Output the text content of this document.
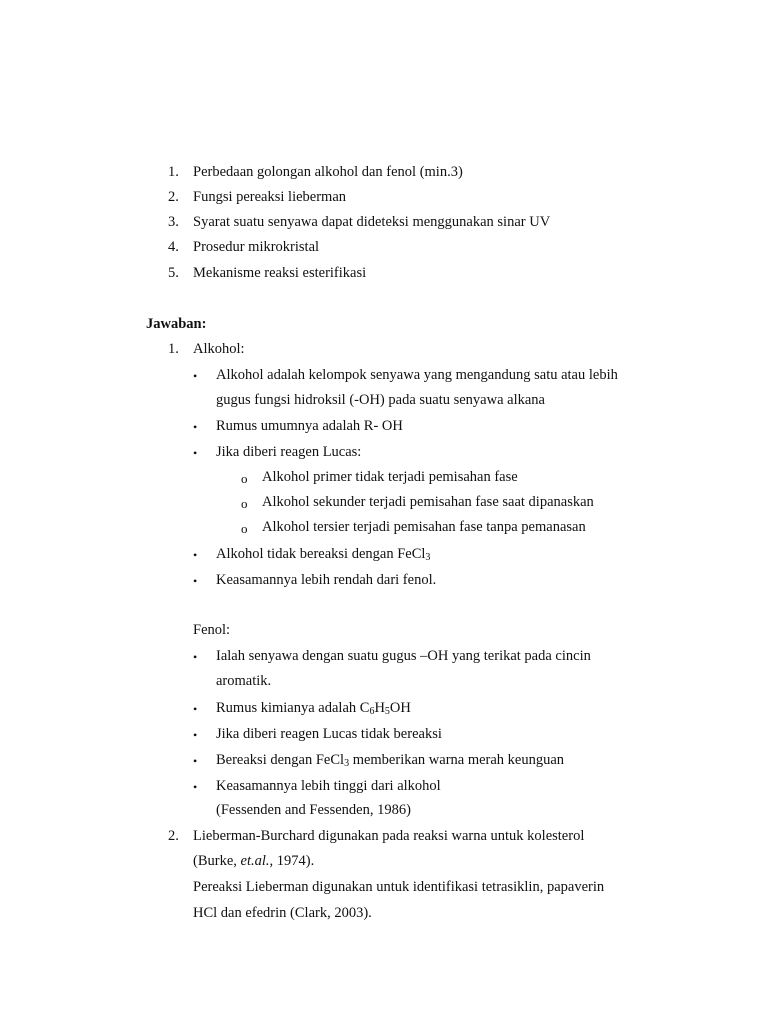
1. Perbedaan golongan alkohol dan fenol (min.3)
2. Fungsi pereaksi lieberman
3. Syarat suatu senyawa dapat dideteksi menggunakan sinar UV
4. Prosedur mikrokristal
5. Mekanisme reaksi esterifikasi
Jawaban:
1. Alkohol:
• Alkohol adalah kelompok senyawa yang mengandung satu atau lebih
gugus fungsi hidroksil (-OH) pada suatu senyawa alkana
• Rumus umumnya adalah R- OH
• Jika diberi reagen Lucas:
o Alkohol primer tidak terjadi pemisahan fase
o Alkohol sekunder terjadi pemisahan fase saat dipanaskan
o Alkohol tersier terjadi pemisahan fase tanpa pemanasan
• Alkohol tidak bereaksi dengan FeCl$_3$
• Keasamannya lebih rendah dari fenol.
Fenol:
• Ialah senyawa dengan suatu gugus –OH yang terikat pada cincin
aromatik.
• Rumus kimianya adalah $C_6H_5OH$
• Jika diberi reagen Lucas tidak bereaksi
• Bereaksi dengan FeCl$_3$ memberikan warna merah keunguan
• Keasamannya lebih tinggi dari alkohol
(Fessenden and Fessenden, 1986)
2. Lieberman-Burchard digunakan pada reaksi warna untuk kolesterol
(Burke, et.al., 1974).
Pereaksi Lieberman digunakan untuk identifikasi tetrasiklin, papaverin
HCl dan efedrin (Clark, 2003).
